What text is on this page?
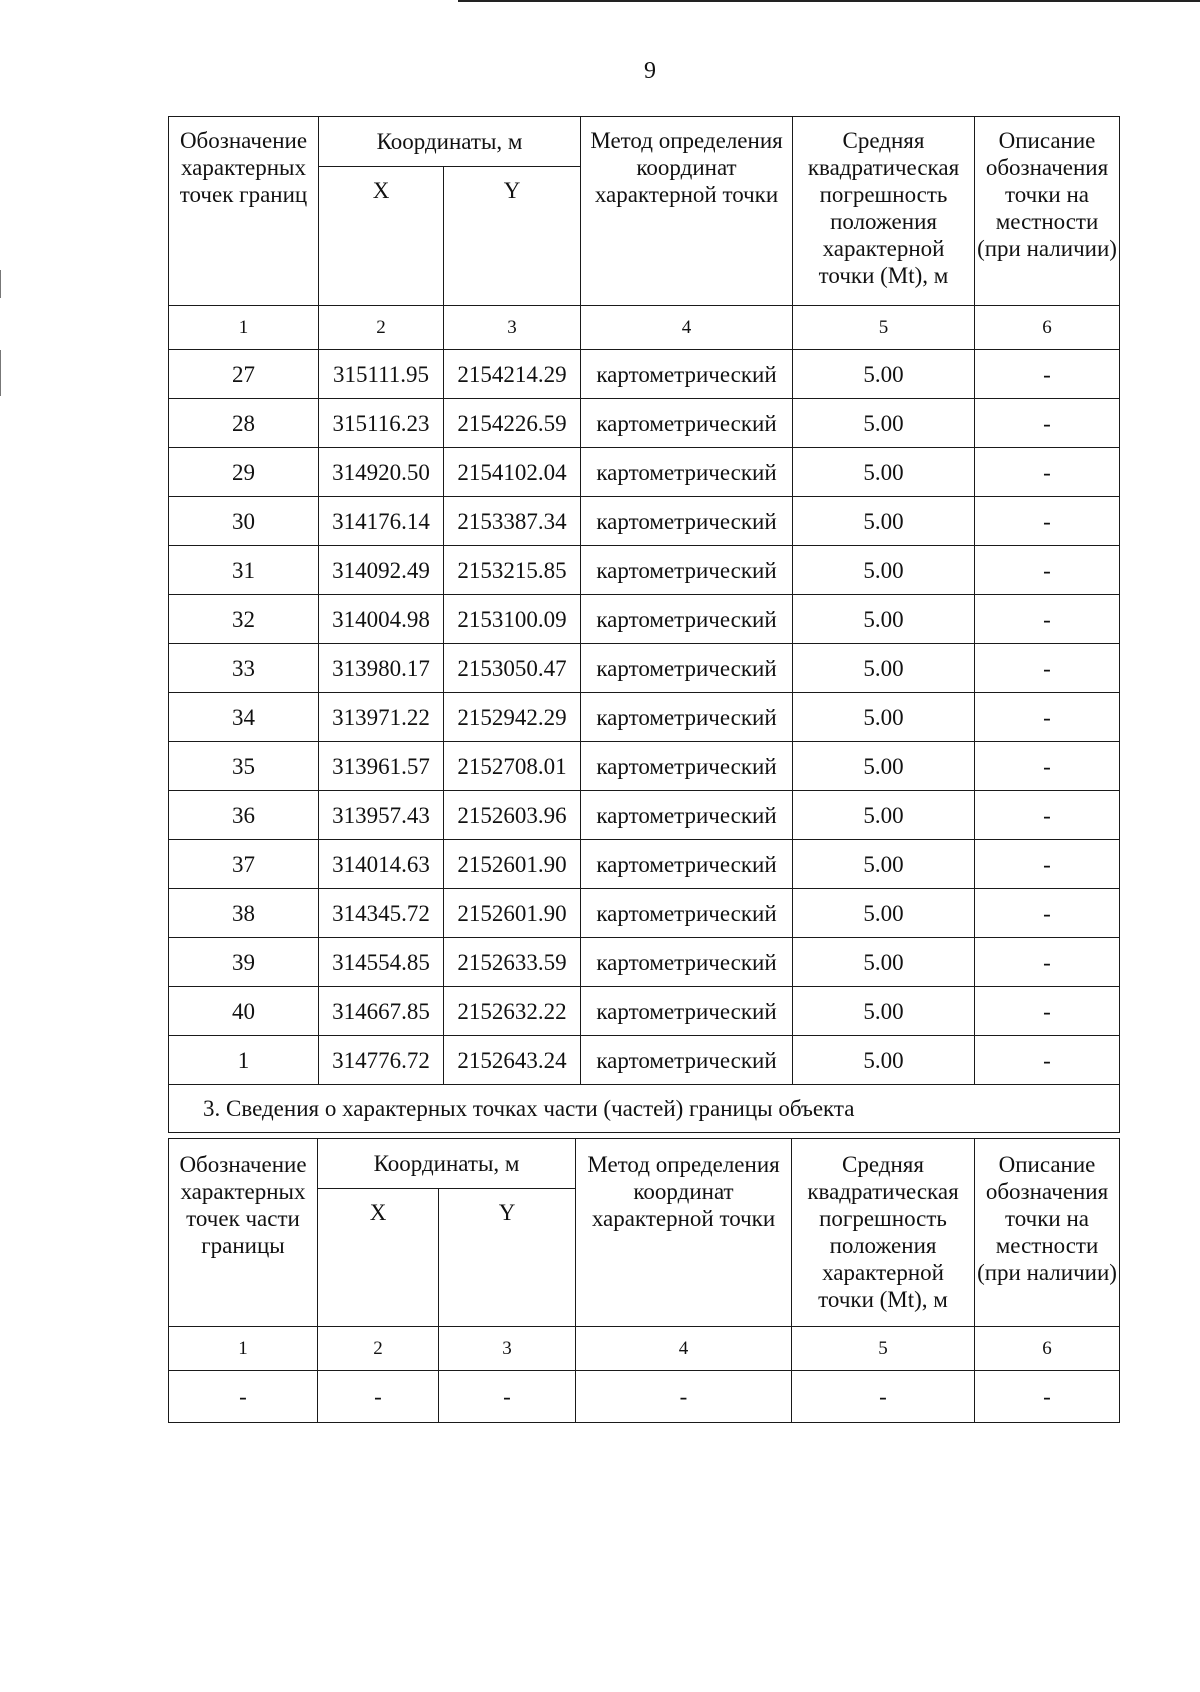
9
Обозначение характерных точек границ	Координаты, м		Метод определения координат характерной точки	Средняя квадратическая погрешность положения характерной точки (Mt), м	Описание обозначения точки на местности (при наличии)
	X	Y			
1	2	3	4	5	6
27	315111.95	2154214.29	картометрический	5.00	-
28	315116.23	2154226.59	картометрический	5.00	-
29	314920.50	2154102.04	картометрический	5.00	-
30	314176.14	2153387.34	картометрический	5.00	-
31	314092.49	2153215.85	картометрический	5.00	-
32	314004.98	2153100.09	картометрический	5.00	-
33	313980.17	2153050.47	картометрический	5.00	-
34	313971.22	2152942.29	картометрический	5.00	-
35	313961.57	2152708.01	картометрический	5.00	-
36	313957.43	2152603.96	картометрический	5.00	-
37	314014.63	2152601.90	картометрический	5.00	-
38	314345.72	2152601.90	картометрический	5.00	-
39	314554.85	2152633.59	картометрический	5.00	-
40	314667.85	2152632.22	картометрический	5.00	-
1	314776.72	2152643.24	картометрический	5.00	-
3. Сведения о характерных точках части (частей) границы объекта					
Обозначение характерных точек части границы	Координаты, м		Метод определения координат характерной точки	Средняя квадратическая погрешность положения характерной точки (Mt), м	Описание обозначения точки на местности (при наличии)
	X	Y			
1	2	3	4	5	6
-	-	-	-	-	-
